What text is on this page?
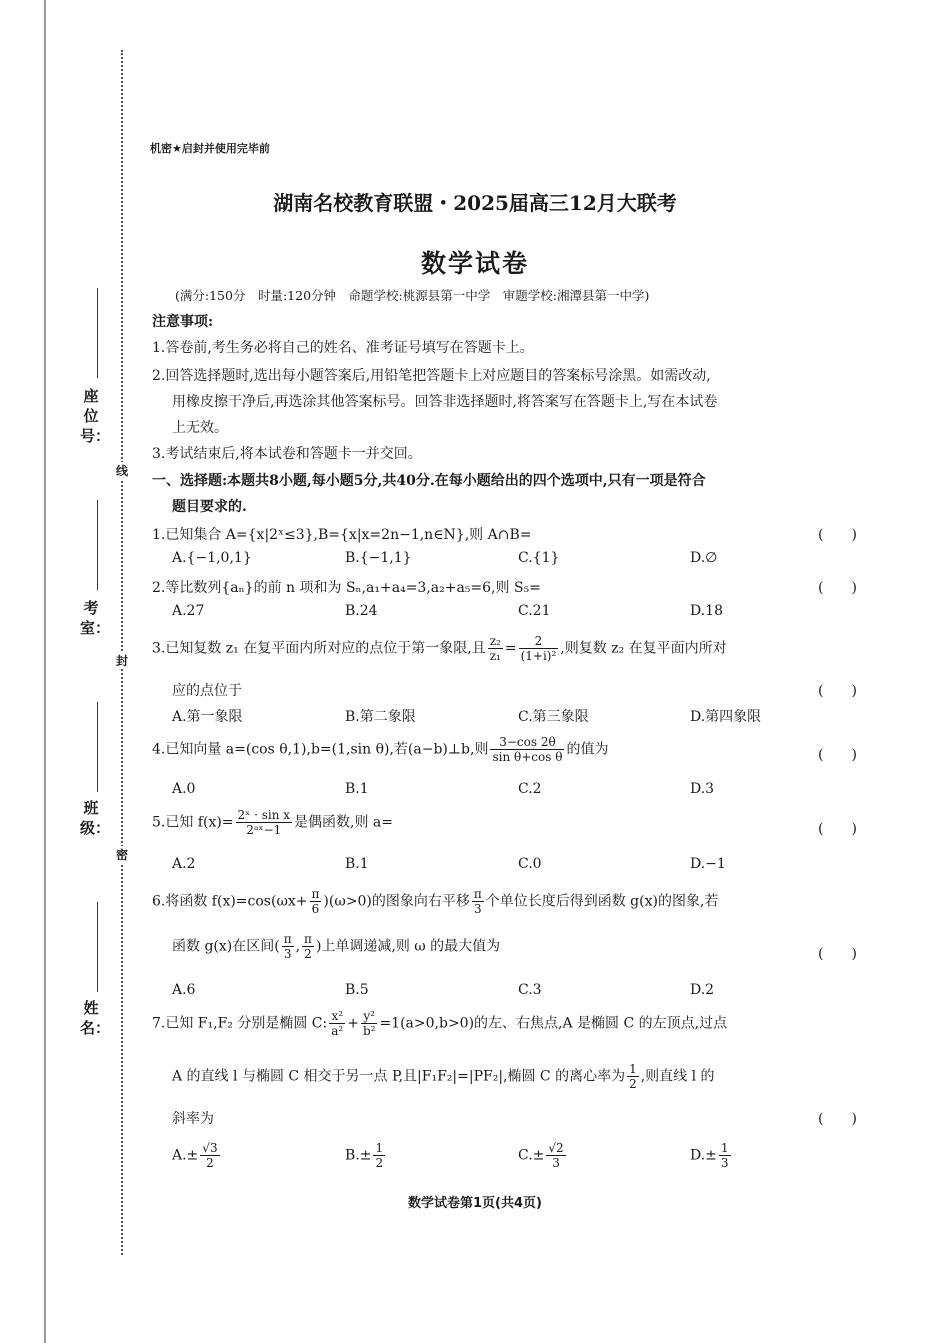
座位号：
考室：
班级：
姓名：
线
封
密
机密★启封并使用完毕前
湖南名校教育联盟・2025届高三12月大联考
数学试卷
(满分:150分　时量:120分钟　命题学校:桃源县第一中学　审题学校:湘潭县第一中学)
注意事项:
1.答卷前,考生务必将自己的姓名、准考证号填写在答题卡上。
2.回答选择题时,选出每小题答案后,用铅笔把答题卡上对应题目的答案标号涂黑。如需改动,
用橡皮擦干净后,再选涂其他答案标号。回答非选择题时,将答案写在答题卡上,写在本试卷
上无效。
3.考试结束后,将本试卷和答题卡一并交回。
一、选择题:本题共8小题,每小题5分,共40分.在每小题给出的四个选项中,只有一项是符合
题目要求的.
1.已知集合 A={x|2ˣ≤3},B={x|x=2n−1,n∈N},则 A∩B=	(　　)
A.{−1,0,1}	B.{−1,1}	C.{1}	D.∅
2.等比数列{aₙ}的前 n 项和为 Sₙ,a₁+a₄=3,a₂+a₅=6,则 S₅=	(　　)
A.27	B.24	C.21	D.18
3.已知复数 z₁ 在复平面内所对应的点位于第一象限,且 $\frac{\text{z₂}}{\text{z₁}} = \frac{2}{\text{(1+i)²}}$ ,则复数 z₂ 在复平面内所对
应的点位于	(　　)
A.第一象限	B.第二象限	C.第三象限	D.第四象限
4.已知向量 a=(cos θ,1),b=(1,sin θ),若(a−b)⊥b,则 $\frac{3-\cos 2\theta}{\text{sin θ+cos θ}}$ 的值为	(　　)
A.0	B.1	C.2	D.3
5.已知 $f(x)= \frac{\text{2ˣ · sin x}}{\text{2ᵃˣ−1}}$ 是偶函数,则 a=	(　　)
A.2	B.1	C.0	D.−1
6.将函数 $f(x)=\cos(\omega x+ \frac{\pi}{6} )(\omega>0)$的图象向右平移 $\frac{\pi}{3}$ 个单位长度后得到函数 g(x)的图象,若
函数 g(x)在区间( $\frac{\pi}{3}$ , $\frac{\pi}{2}$ )上单调递减,则 ω 的最大值为	(　　)
A.6	B.5	C.3	D.2
7.已知 F₁,F₂ 分别是椭圆 C: $\frac{\text{x²}}{\text{a²}} + \frac{\text{y²}}{\text{b²}} =1(a>0,b>0)$的左、右焦点,A 是椭圆 C 的左顶点,过点
A 的直线 l 与椭圆 C 相交于另一点 P,且|F₁F₂|=|PF₂|,椭圆 C 的离心率为 $\frac{1}{2}$ ,则直线 l 的
斜率为	(　　)
$A.\pm \frac{√3}{2}$	$B.\pm \frac{1}{2}$	$C.\pm \frac{√2}{3}$	$D.\pm \frac{1}{3}$
数学试卷第1页(共4页)
